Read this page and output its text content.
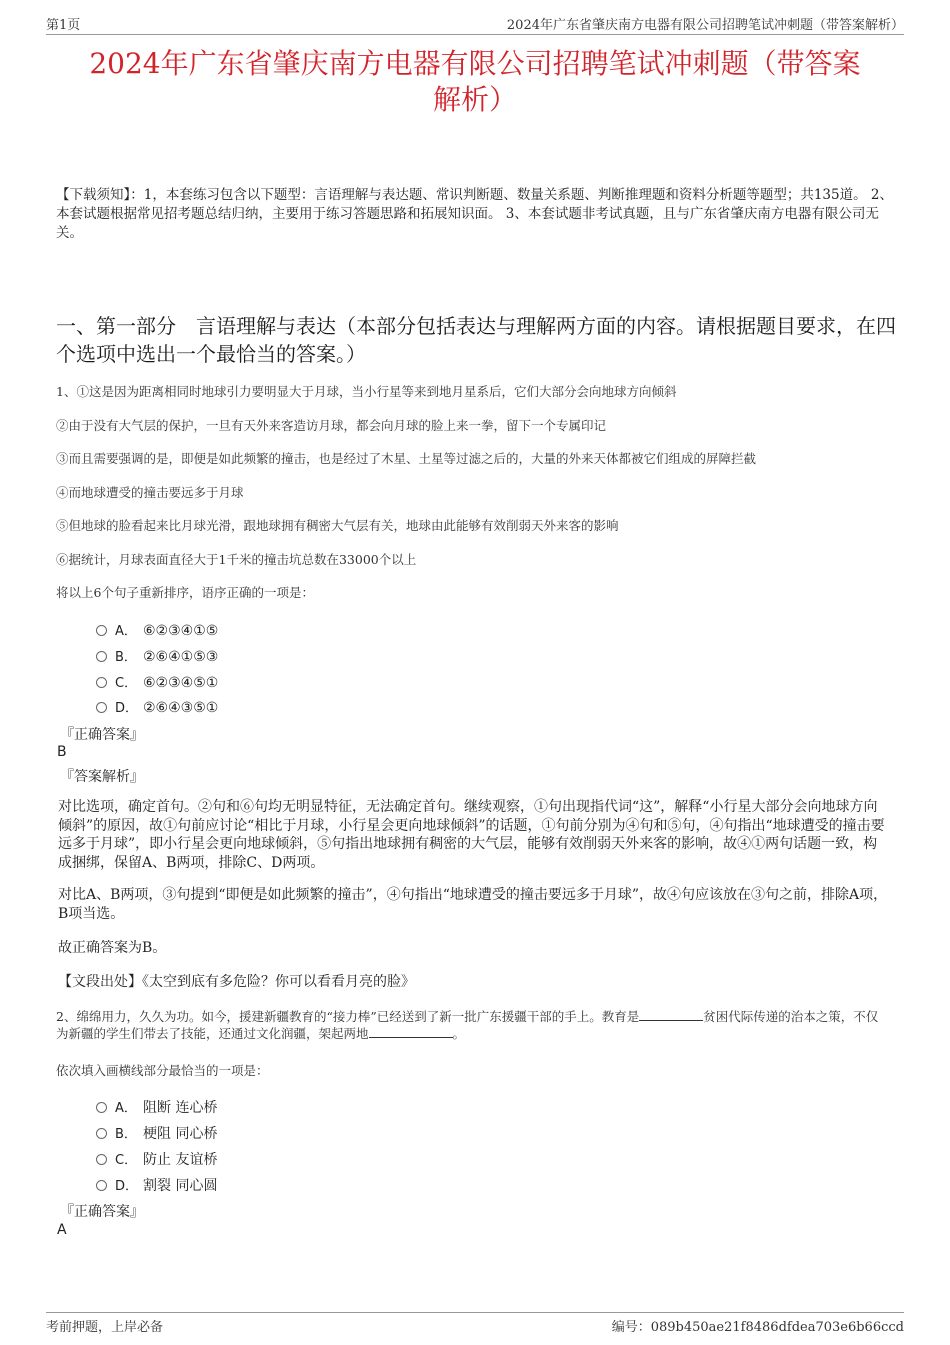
第1页	2024年广东省肇庆南方电器有限公司招聘笔试冲刺题（带答案解析）
2024年广东省肇庆南方电器有限公司招聘笔试冲刺题（带答案
解析）
【下载须知】：1，本套练习包含以下题型：言语理解与表达题、常识判断题、数量关系题、判断推理题和资料分析题等题型；共135道。 2、本套试题根据常见招考题总结归纳，主要用于练习答题思路和拓展知识面。 3、本套试题非考试真题，且与广东省肇庆南方电器有限公司无关。
一、第一部分　言语理解与表达（本部分包括表达与理解两方面的内容。请根据题目要求，在四个选项中选出一个最恰当的答案。）
1、①这是因为距离相同时地球引力要明显大于月球，当小行星等来到地月星系后，它们大部分会向地球方向倾斜
②由于没有大气层的保护，一旦有天外来客造访月球，都会向月球的脸上来一拳，留下一个专属印记
③而且需要强调的是，即便是如此频繁的撞击，也是经过了木星、土星等过滤之后的，大量的外来天体都被它们组成的屏障拦截
④而地球遭受的撞击要远多于月球
⑤但地球的脸看起来比月球光滑，跟地球拥有稠密大气层有关，地球由此能够有效削弱天外来客的影响
⑥据统计，月球表面直径大于1千米的撞击坑总数在33000个以上
将以上6个句子重新排序，语序正确的一项是：
A． ⑥②③④①⑤
B． ②⑥④①⑤③
C． ⑥②③④⑤①
D． ②⑥④③⑤①
『正确答案』
B
『答案解析』
对比选项，确定首句。②句和⑥句均无明显特征，无法确定首句。继续观察，①句出现指代词“这”，解释“小行星大部分会向地球方向倾斜”的原因，故①句前应讨论“相比于月球，小行星会更向地球倾斜”的话题，①句前分别为④句和⑤句，④句指出“地球遭受的撞击要远多于月球”，即小行星会更向地球倾斜，⑤句指出地球拥有稠密的大气层，能够有效削弱天外来客的影响，故④①两句话题一致，构成捆绑，保留A、B两项，排除C、D两项。
对比A、B两项，③句提到“即便是如此频繁的撞击”，④句指出“地球遭受的撞击要远多于月球”，故④句应该放在③句之前，排除A项，B项当选。
故正确答案为B。
【文段出处】《太空到底有多危险？你可以看看月亮的脸》
2、绵绵用力，久久为功。如今，援建新疆教育的“接力棒”已经送到了新一批广东援疆干部的手上。教育是	贫困代际传递的治本之策，不仅为新疆的学生们带去了技能，还通过文化润疆，架起两地	。
依次填入画横线部分最恰当的一项是：
A． 阻断 连心桥
B． 梗阻 同心桥
C． 防止 友谊桥
D． 割裂 同心圆
『正确答案』
A
考前押题，上岸必备	编号：089b450ae21f8486dfdea703e6b66ccd
